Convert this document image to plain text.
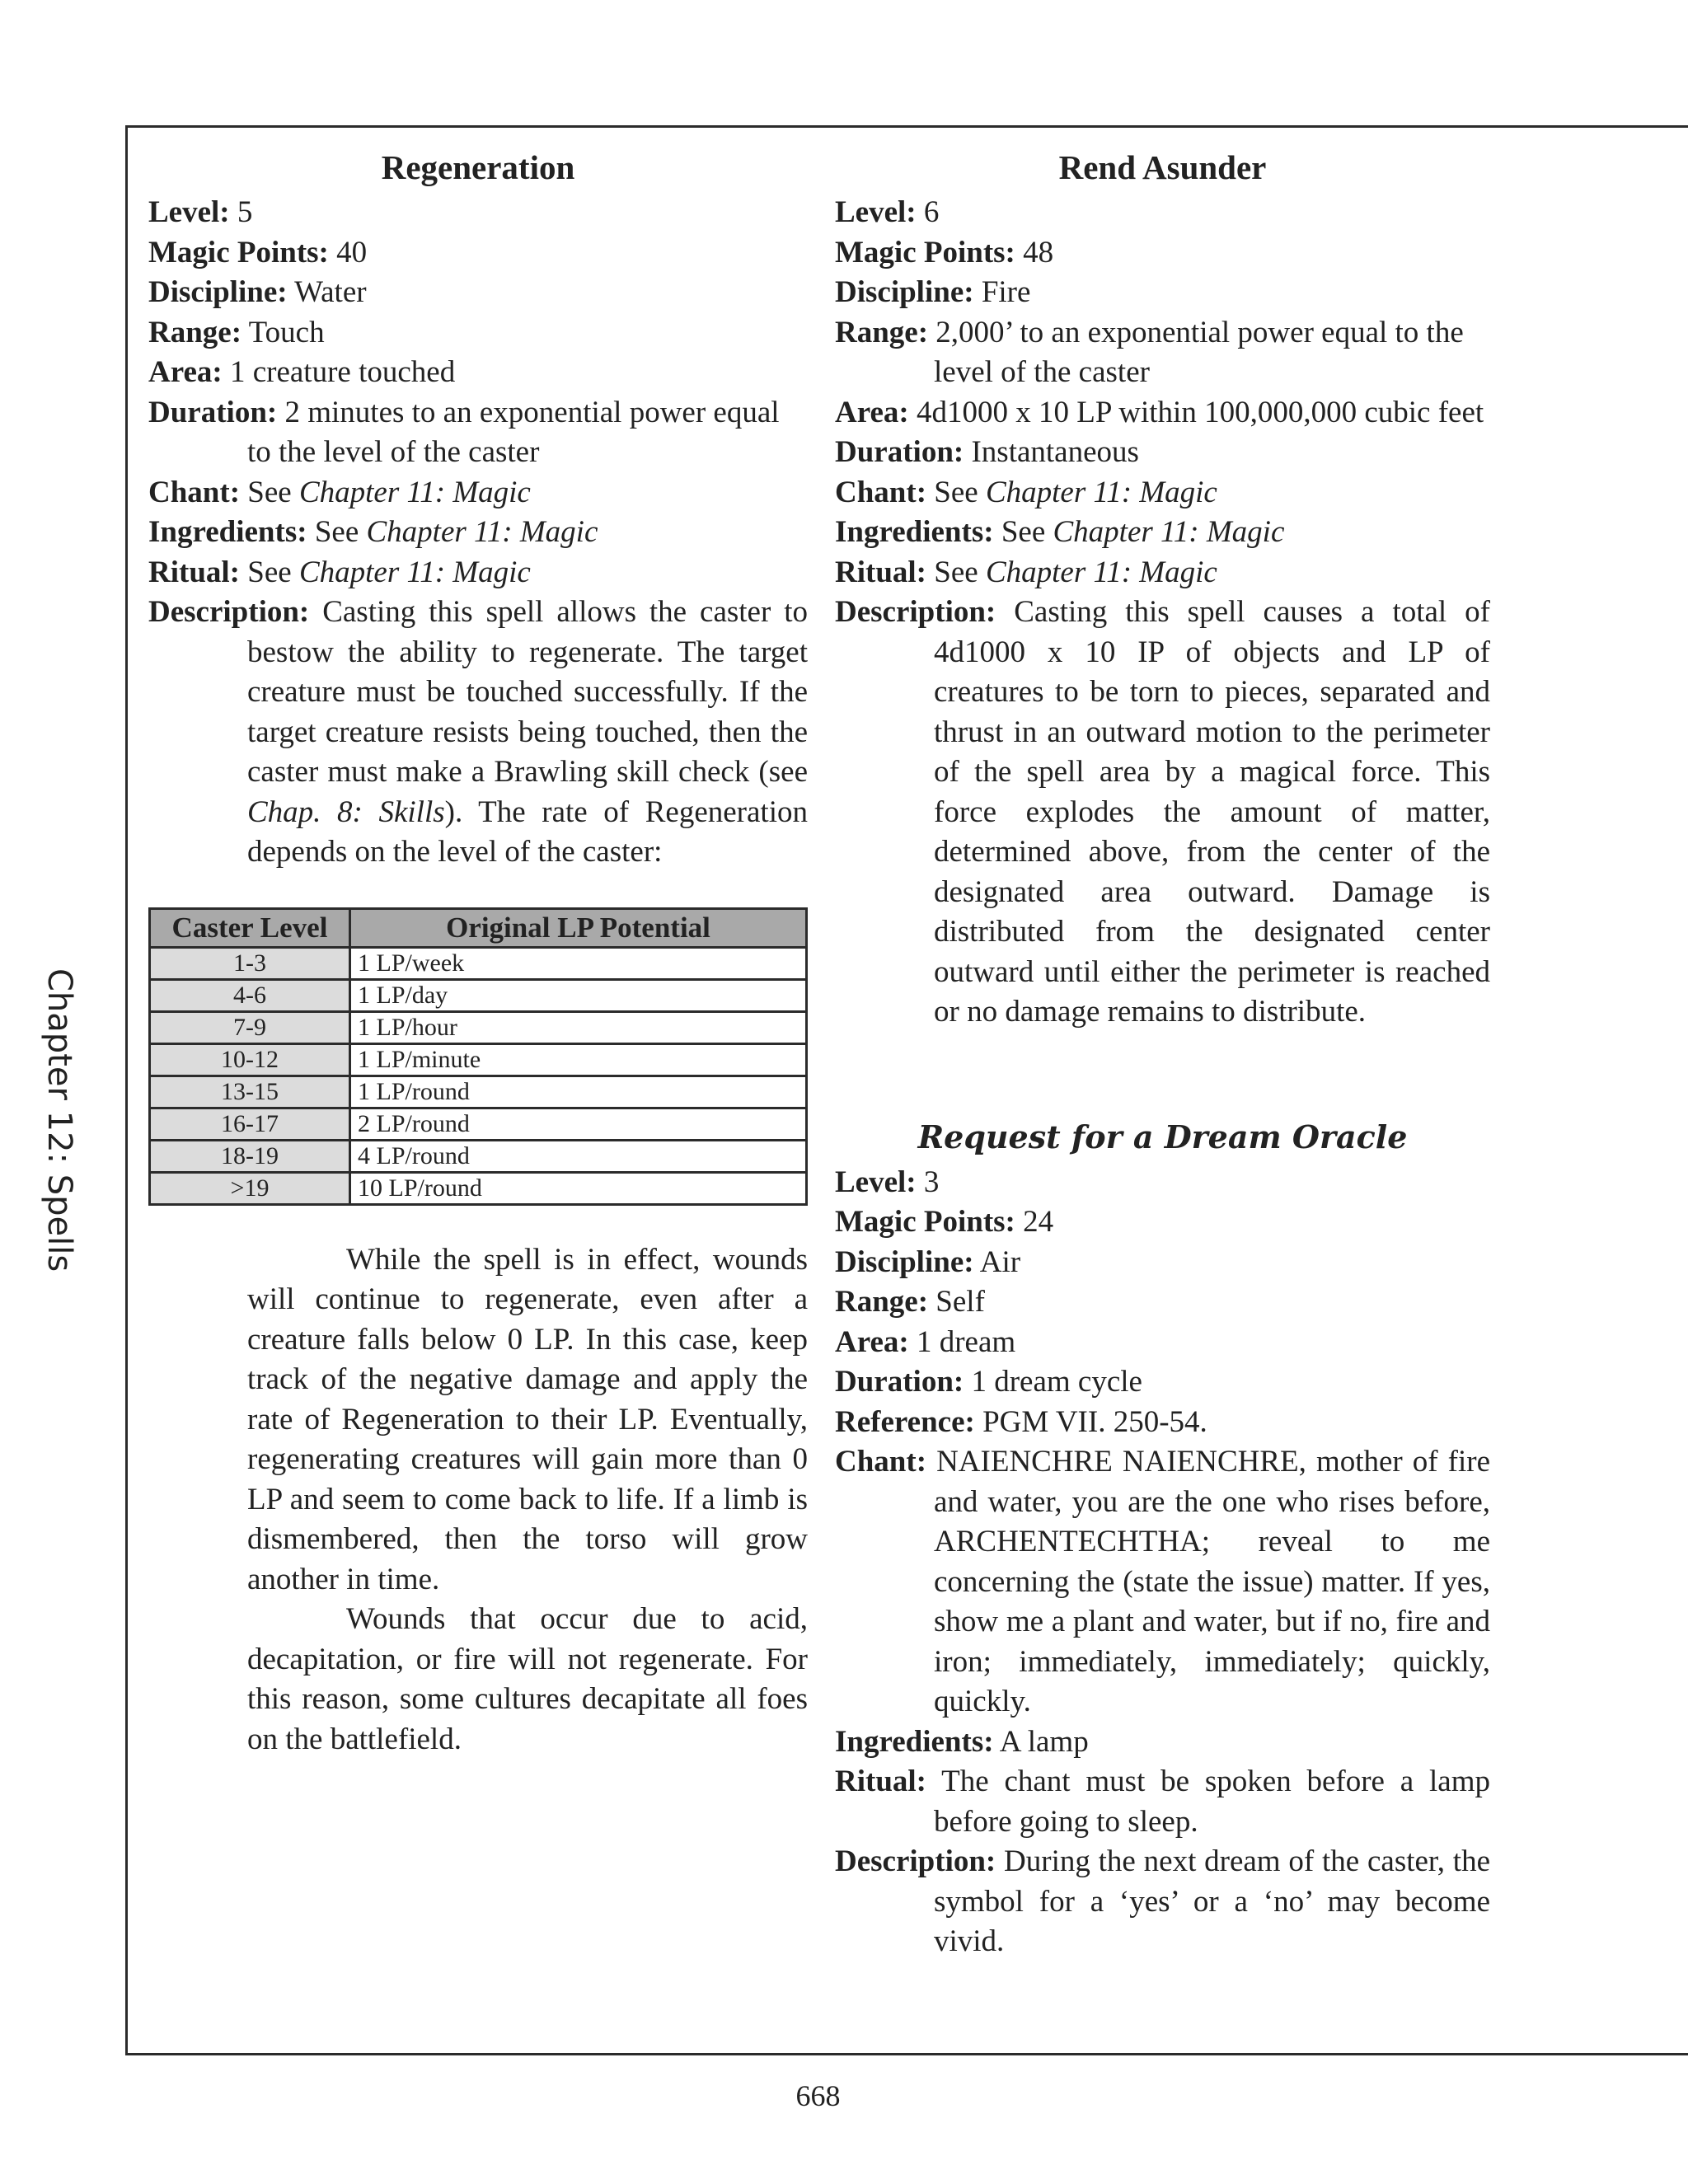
Chapter 12: Spells
Regeneration

Level: 5

Magic Points: 40

Discipline: Water

Range: Touch

Area: 1 creature touched

Duration: 2 minutes to an exponential power equal to the level of the caster

Chant: See Chapter 11: Magic

Ingredients: See Chapter 11: Magic

Ritual: See Chapter 11: Magic

Description: Casting this spell allows the caster to bestow the ability to regenerate. The target creature must be touched successfully. If the target creature resists being touched, then the caster must make a Brawling skill check (see Chap. 8: Skills). The rate of Regeneration depends on the level of the caster:

Caster Level	Original LP Potential
1-3	1 LP/week
4-6	1 LP/day
7-9	1 LP/hour
10-12	1 LP/minute
13-15	1 LP/round
16-17	2 LP/round
18-19	4 LP/round
>19	10 LP/round

While the spell is in effect, wounds will continue to regenerate, even after a creature falls below 0 LP. In this case, keep track of the negative damage and apply the rate of Regeneration to their LP. Eventually, regenerating creatures will gain more than 0 LP and seem to come back to life. If a limb is dismembered, then the torso will grow another in time.

Wounds that occur due to acid, decapitation, or fire will not regenerate. For this reason, some cultures decapitate all foes on the battlefield.

Rend Asunder

Level: 6

Magic Points: 48

Discipline: Fire

Range: 2,000’ to an exponential power equal to the level of the caster

Area: 4d1000 x 10 LP within 100,000,000 cubic feet

Duration: Instantaneous

Chant: See Chapter 11: Magic

Ingredients: See Chapter 11: Magic

Ritual: See Chapter 11: Magic

Description: Casting this spell causes a total of 4d1000 x 10 IP of objects and LP of creatures to be torn to pieces, separated and thrust in an outward motion to the perimeter of the spell area by a magical force. This force explodes the amount of matter, determined above, from the center of the designated area outward. Damage is distributed from the designated center outward until either the perimeter is reached or no damage remains to distribute.

Request for a Dream Oracle

Level: 3

Magic Points: 24

Discipline: Air

Range: Self

Area: 1 dream

Duration: 1 dream cycle

Reference: PGM VII. 250-54.

Chant: NAIENCHRE NAIENCHRE, mother of fire and water, you are the one who rises before, ARCHENTECHTHA; reveal to me concerning the (state the issue) matter. If yes, show me a plant and water, but if no, fire and iron; immediately, immediately; quickly, quickly.

Ingredients: A lamp

Ritual: The chant must be spoken before a lamp before going to sleep.

Description: During the next dream of the caster, the symbol for a ‘yes’ or a ‘no’ may become vivid.

668
